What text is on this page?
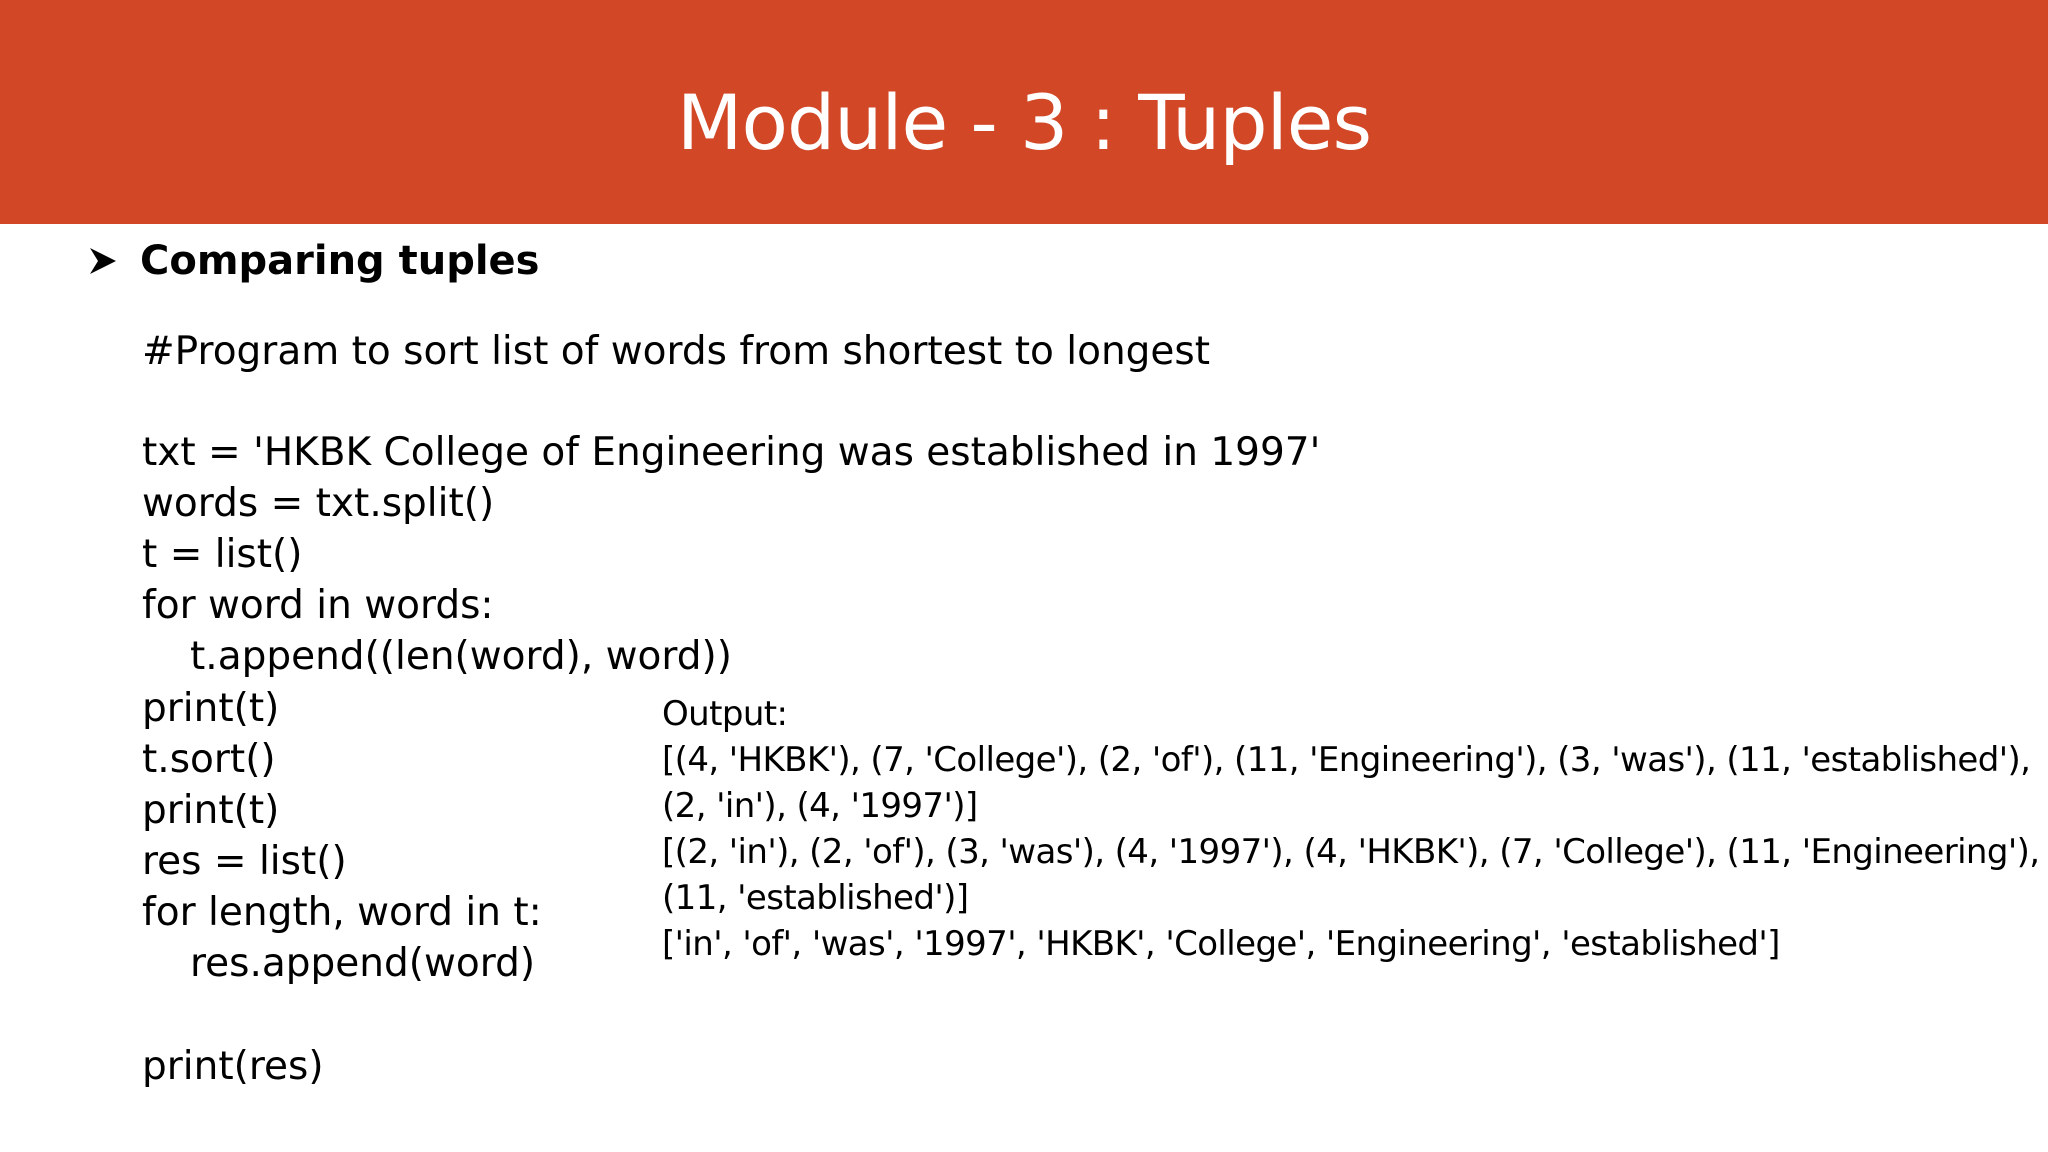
Module - 3 : Tuples
Comparing tuples
#Program to sort list of words from shortest to longest
txt = 'HKBK College of Engineering was established in 1997'
words = txt.split()
t = list()
for word in words:
t.append((len(word), word))
print(t)
t.sort()
print(t)
res = list()
for length, word in t:
res.append(word)
print(res)
Output:
[(4, 'HKBK'), (7, 'College'), (2, 'of'), (11, 'Engineering'), (3, 'was'), (11, 'established'),
(2, 'in'), (4, '1997')]
[(2, 'in'), (2, 'of'), (3, 'was'), (4, '1997'), (4, 'HKBK'), (7, 'College'), (11, 'Engineering'),
(11, 'established')]
['in', 'of', 'was', '1997', 'HKBK', 'College', 'Engineering', 'established']
